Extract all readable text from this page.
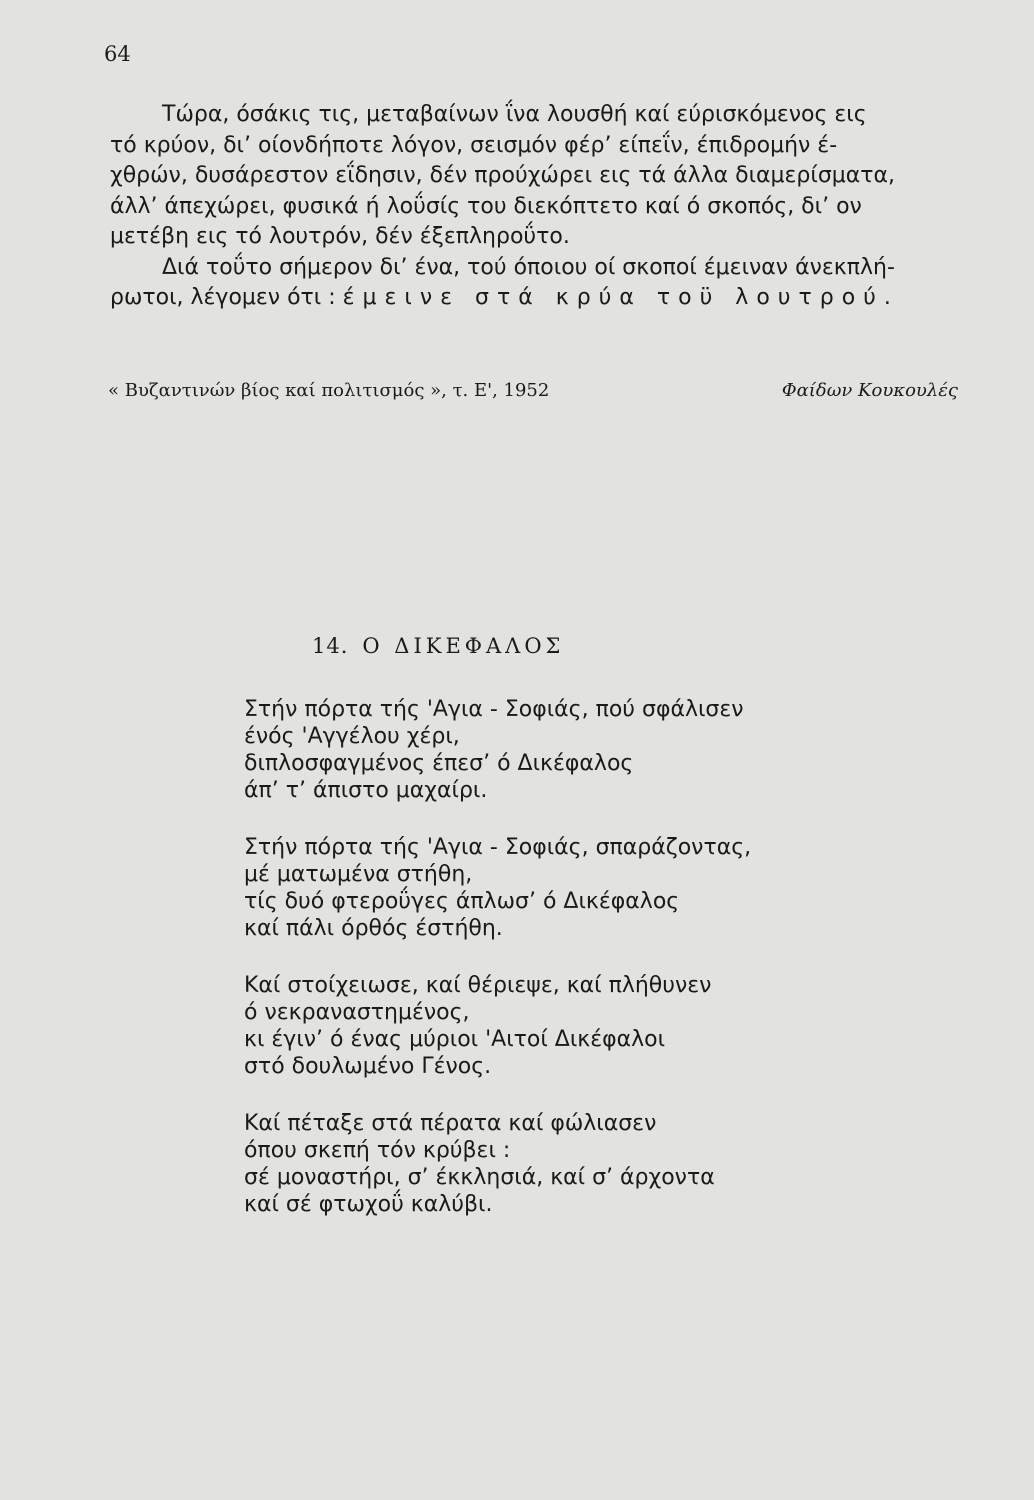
64

Τώρα, όσάκις τις, μεταβαίνων ΐνα λουσθή καί εύρισκόμενος εις
τό κρύον, δι’ οίονδήποτε λόγον, σεισμόν φέρ’ είπεΐν, έπιδρομήν έ-
χθρών, δυσάρεστον εΐδησιν, δέν προύχώρει εις τά άλλα διαμερίσματα,
άλλ’ άπεχώρει, φυσικά ή λοΰσίς του διεκόπτετο καί ό σκοπός, δι’ ον
μετέβη εις τό λουτρόν, δέν έξεπληροΰτο.

Διά τοΰτο σήμερον δι’ ένα, τού όποιου οί σκοποί έμειναν άνεκπλή-
ρωτοι, λέγομεν ότι : έμεινε στά κρύα τοϋ λουτρού.

« Βυζαντινών βίος καί πολιτισμός », τ. Ε', 1952	Φαίδων Κουκουλές
14. Ο ΔΙΚΕΦΑΛΟΣ
Στήν πόρτα τής 'Αγια - Σοφιάς, πού σφάλισεν
ένός 'Αγγέλου χέρι,
διπλοσφαγμένος έπεσ’ ό Δικέφαλος
άπ’ τ’ άπιστο μαχαίρι.
Στήν πόρτα τής 'Αγια - Σοφιάς, σπαράζοντας,
μέ ματωμένα στήθη,
τίς δυό φτεροΰγες άπλωσ’ ό Δικέφαλος
καί πάλι όρθός έστήθη.
Καί στοίχειωσε, καί θέριεψε, καί πλήθυνεν
ό νεκραναστημένος,
κι έγιν’ ό ένας μύριοι 'Αιτοί Δικέφαλοι
στό δουλωμένο Γένος.
Καί πέταξε στά πέρατα καί φώλιασεν
όπου σκεπή τόν κρύβει :
σέ μοναστήρι, σ’ έκκλησιά, καί σ’ άρχοντα
καί σέ φτωχοΰ καλύβι.
